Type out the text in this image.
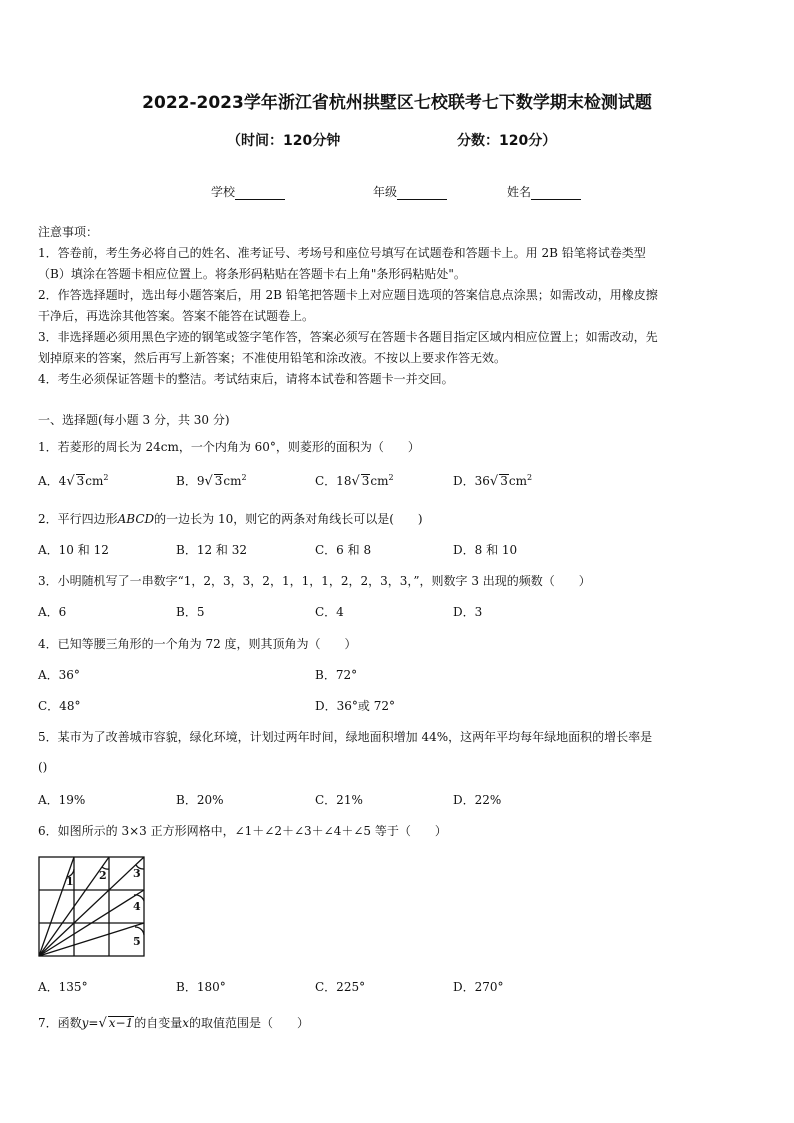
2022-2023学年浙江省杭州拱墅区七校联考七下数学期末检测试题
（时间：120分钟	分数：120分）
学校	年级	姓名
注意事项：
1．答卷前，考生务必将自己的姓名、准考证号、考场号和座位号填写在试题卷和答题卡上。用 2B 铅笔将试卷类型
（B）填涂在答题卡相应位置上。将条形码粘贴在答题卡右上角"条形码粘贴处"。
2．作答选择题时，选出每小题答案后，用 2B 铅笔把答题卡上对应题目选项的答案信息点涂黑；如需改动，用橡皮擦
干净后，再选涂其他答案。答案不能答在试题卷上。
3．非选择题必须用黑色字迹的钢笔或签字笔作答，答案必须写在答题卡各题目指定区域内相应位置上；如需改动，先
划掉原来的答案，然后再写上新答案；不准使用铅笔和涂改液。不按以上要求作答无效。
4．考生必须保证答题卡的整洁。考试结束后，请将本试卷和答题卡一并交回。
一、选择题(每小题 3 分，共 30 分)
1．若菱形的周长为 24cm，一个内角为 60°，则菱形的面积为（　　）
A．4√ $3cm^2$	B．9√ $3cm^2$	C．18√ $3cm^2$	D．36√ $3cm^2$
2．平行四边形ABCD的一边长为 10，则它的两条对角线长可以是(　　)
A．10 和 12	B．12 和 32	C．6 和 8	D．8 和 10
3．小明随机写了一串数字“1，2，3，3，2，1，1，1，2，2，3，3，”，则数字 3 出现的频数（　　）
A．6	B．5	C．4	D．3
4．已知等腰三角形的一个角为 72 度，则其顶角为（　　）
A．36°	B．72°
C．48°	D．36°或 72°
5．某市为了改善城市容貌，绿化环境，计划过两年时间，绿地面积增加 44%，这两年平均每年绿地面积的增长率是
()
A．19%	B．20%	C．21%	D．22%
6．如图所示的 3×3 正方形网格中，∠1＋∠2＋∠3＋∠4＋∠5 等于（　　）
1 2 3
4
5
A．135°	B．180°	C．225°	D．270°
7．函数y=√ x−1的自变量x的取值范围是（　　）
